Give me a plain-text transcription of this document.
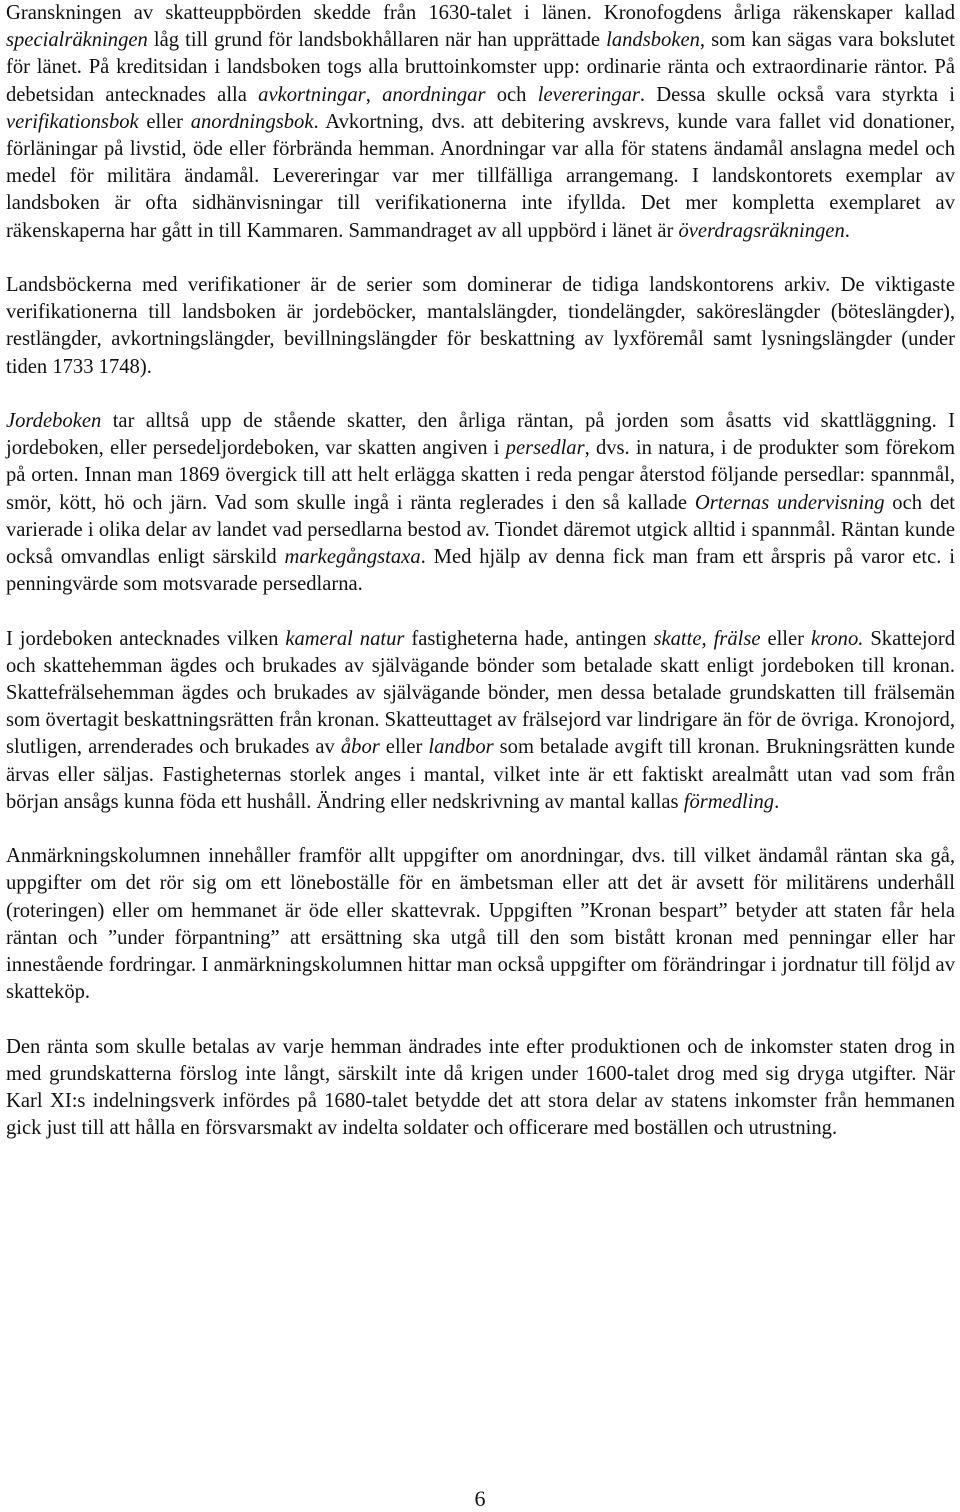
Granskningen av skatteuppbörden skedde från 1630-talet i länen. Kronofogdens årliga räkenskaper kallad specialräkningen låg till grund för landsbokhållaren när han upprättade landsboken, som kan sägas vara bokslutet för länet. På kreditsidan i landsboken togs alla bruttoinkomster upp: ordinarie ränta och extraordinarie räntor. På debetsidan antecknades alla avkortningar, anordningar och levereringar. Dessa skulle också vara styrkta i verifikationsbok eller anordningsbok. Avkortning, dvs. att debitering avskrevs, kunde vara fallet vid donationer, förläningar på livstid, öde eller förbrända hemman. Anordningar var alla för statens ändamål anslagna medel och medel för militära ändamål. Levereringar var mer tillfälliga arrangemang. I landskontorets exemplar av landsboken är ofta sidhänvisningar till verifikationerna inte ifyllda. Det mer kompletta exemplaret av räkenskaperna har gått in till Kammaren. Sammandraget av all uppbörd i länet är överdragsräkningen.

Landsböckerna med verifikationer är de serier som dominerar de tidiga landskontorens arkiv. De viktigaste verifikationerna till landsboken är jordeböcker, mantalslängder, tiondelängder, saköreslängder (böteslängder), restlängder, avkortningslängder, bevillningslängder för beskattning av lyxföremål samt lysningslängder (under tiden 1733 1748).

Jordeboken tar alltså upp de stående skatter, den årliga räntan, på jorden som åsatts vid skattläggning. I jordeboken, eller persedeljordeboken, var skatten angiven i persedlar, dvs. in natura, i de produkter som förekom på orten. Innan man 1869 övergick till att helt erlägga skatten i reda pengar återstod följande persedlar: spannmål, smör, kött, hö och järn. Vad som skulle ingå i ränta reglerades i den så kallade Orternas undervisning och det varierade i olika delar av landet vad persedlarna bestod av. Tiondet däremot utgick alltid i spannmål. Räntan kunde också omvandlas enligt särskild markegångstaxa. Med hjälp av denna fick man fram ett årspris på varor etc. i penningvärde som motsvarade persedlarna.

I jordeboken antecknades vilken kameral natur fastigheterna hade, antingen skatte, frälse eller krono. Skattejord och skattehemman ägdes och brukades av självägande bönder som betalade skatt enligt jordeboken till kronan. Skattefrälsehemman ägdes och brukades av självägande bönder, men dessa betalade grundskatten till frälsemän som övertagit beskattningsrätten från kronan. Skatteuttaget av frälsejord var lindrigare än för de övriga. Kronojord, slutligen, arrenderades och brukades av åbor eller landbor som betalade avgift till kronan. Brukningsrätten kunde ärvas eller säljas. Fastigheternas storlek anges i mantal, vilket inte är ett faktiskt arealmått utan vad som från början ansågs kunna föda ett hushåll. Ändring eller nedskrivning av mantal kallas förmedling.

Anmärkningskolumnen innehåller framför allt uppgifter om anordningar, dvs. till vilket ändamål räntan ska gå, uppgifter om det rör sig om ett löneboställe för en ämbetsman eller att det är avsett för militärens underhåll (roteringen) eller om hemmanet är öde eller skattevrak. Uppgiften ”Kronan bespart” betyder att staten får hela räntan och ”under förpantning” att ersättning ska utgå till den som bistått kronan med penningar eller har innestående fordringar. I anmärkningskolumnen hittar man också uppgifter om förändringar i jordnatur till följd av skatteköp.

Den ränta som skulle betalas av varje hemman ändrades inte efter produktionen och de inkomster staten drog in med grundskatterna förslog inte långt, särskilt inte då krigen under 1600-talet drog med sig dryga utgifter. När Karl XI:s indelningsverk infördes på 1680-talet betydde det att stora delar av statens inkomster från hemmanen gick just till att hålla en försvarsmakt av indelta soldater och officerare med boställen och utrustning.

6
